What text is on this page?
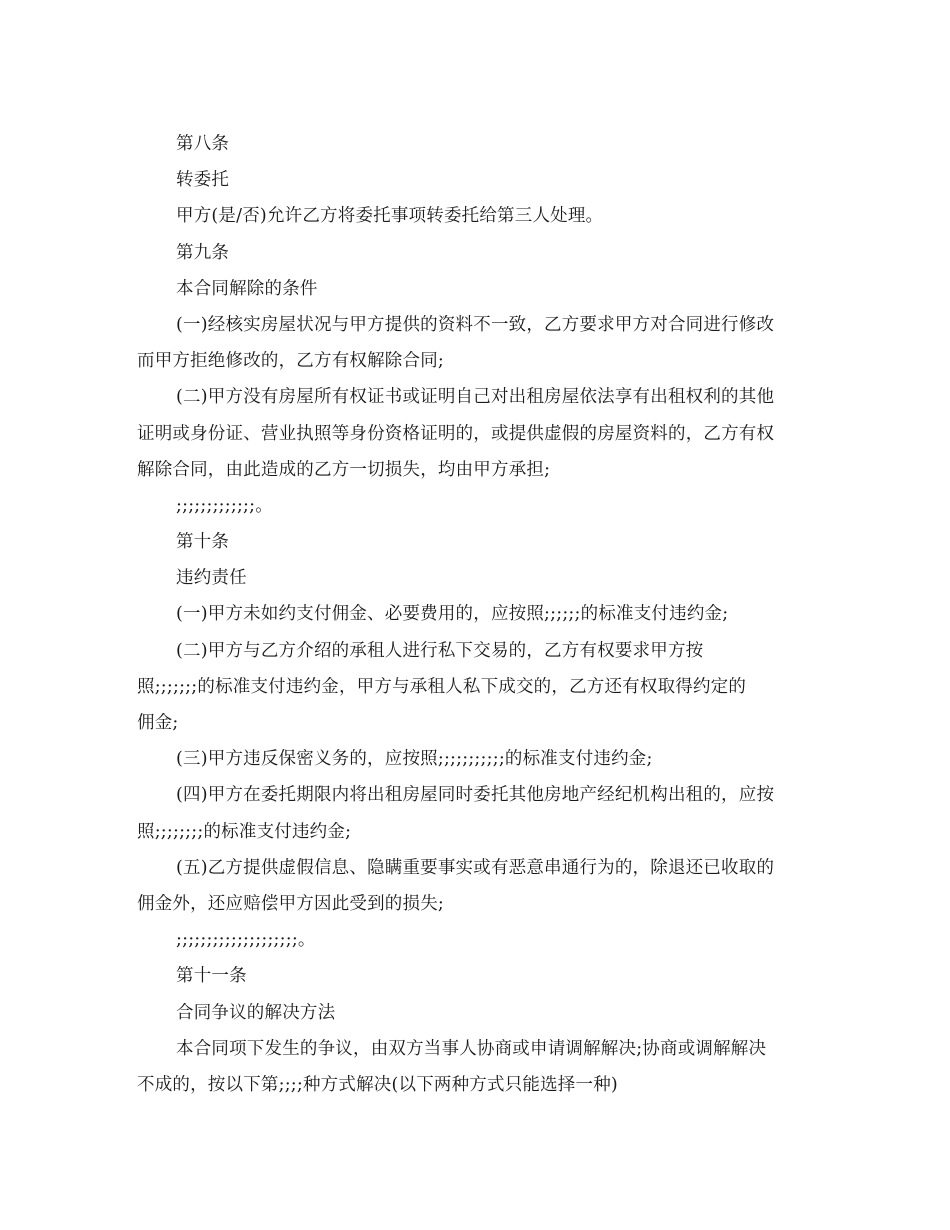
第八条
转委托
甲方(是/否)允许乙方将委托事项转委托给第三人处理。
第九条
本合同解除的条件
(一)经核实房屋状况与甲方提供的资料不一致，乙方要求甲方对合同进行修改
而甲方拒绝修改的，乙方有权解除合同;
(二)甲方没有房屋所有权证书或证明自己对出租房屋依法享有出租权利的其他
证明或身份证、营业执照等身份资格证明的，或提供虚假的房屋资料的，乙方有权
解除合同，由此造成的乙方一切损失，均由甲方承担;
;;;;;;;;;;;;;。
第十条
违约责任
(一)甲方未如约支付佣金、必要费用的，应按照;;;;;;的标准支付违约金;
(二)甲方与乙方介绍的承租人进行私下交易的，乙方有权要求甲方按
照;;;;;;;的标准支付违约金，甲方与承租人私下成交的，乙方还有权取得约定的
佣金;
(三)甲方违反保密义务的，应按照;;;;;;;;;;;的标准支付违约金;
(四)甲方在委托期限内将出租房屋同时委托其他房地产经纪机构出租的，应按
照;;;;;;;;的标准支付违约金;
(五)乙方提供虚假信息、隐瞒重要事实或有恶意串通行为的，除退还已收取的
佣金外，还应赔偿甲方因此受到的损失;
;;;;;;;;;;;;;;;;;;;;。
第十一条
合同争议的解决方法
本合同项下发生的争议，由双方当事人协商或申请调解解决;协商或调解解决
不成的，按以下第;;;;种方式解决(以下两种方式只能选择一种)
